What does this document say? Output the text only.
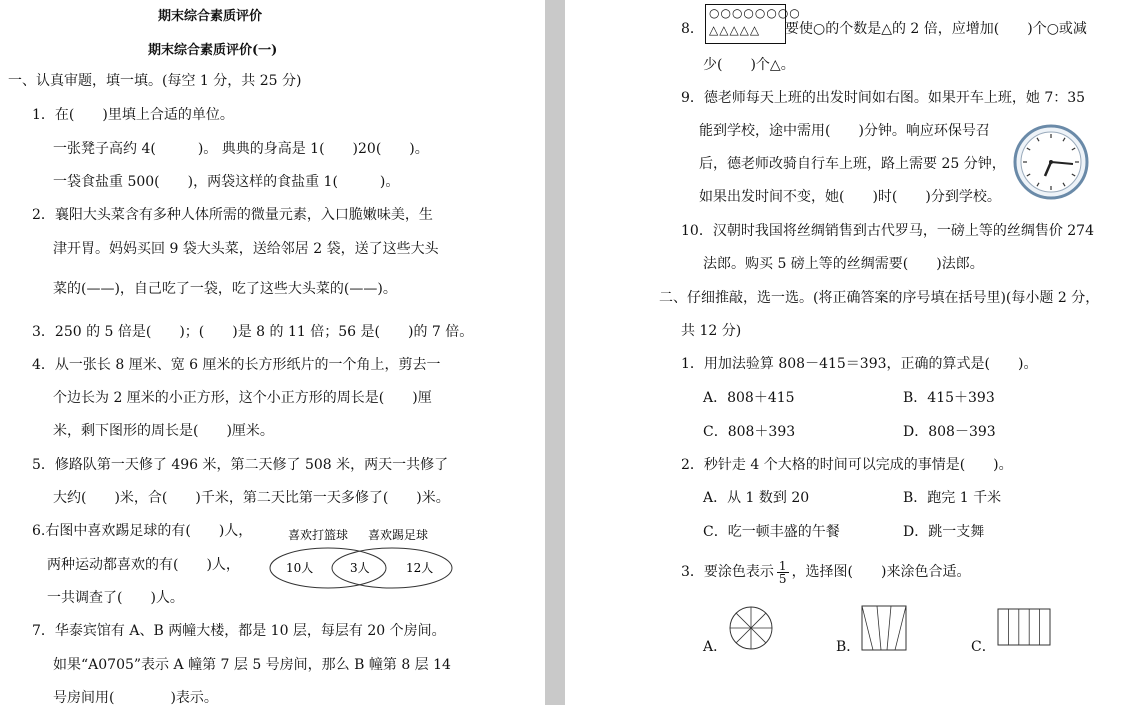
期末综合素质评价
期末综合素质评价(一)
一、认真审题，填一填。(每空 1 分，共 25 分)
1．在(　　)里填上合适的单位。
一张凳子高约 4(　　　)。 典典的身高是 1(　　)20(　　)。
一袋食盐重 500(　　)，两袋这样的食盐重 1(　　　)。
2．襄阳大头菜含有多种人体所需的微量元素，入口脆嫩味美，生
津开胃。妈妈买回 9 袋大头菜，送给邻居 2 袋，送了这些大头
菜的(——)，自己吃了一袋，吃了这些大头菜的(——)。
3．250 的 5 倍是(　　)；(　　)是 8 的 11 倍；56 是(　　)的 7 倍。
4．从一张长 8 厘米、宽 6 厘米的长方形纸片的一个角上，剪去一
个边长为 2 厘米的小正方形，这个小正方形的周长是(　　)厘
米，剩下图形的周长是(　　)厘米。
5．修路队第一天修了 496 米，第二天修了 508 米，两天一共修了
大约(　　)米，合(　　)千米，第二天比第一天多修了(　　)米。
6.右图中喜欢踢足球的有(　　)人，
两种运动都喜欢的有(　　)人，
一共调查了(　　)人。
喜欢打篮球 喜欢踢足球
10人	3人	12人
7．华泰宾馆有 A、B 两幢大楼，都是 10 层，每层有 20 个房间。
如果“A0705”表示 A 幢第 7 层 5 号房间，那么 B 幢第 8 层 14
号房间用(　　　　)表示。
8．
○○○○○○○○
△△△△△	要使○的个数是△的 2 倍，应增加(　　)个○或减
少(　　)个△。
9．德老师每天上班的出发时间如右图。如果开车上班，她 7：35
能到学校，途中需用(　　)分钟。响应环保号召
后，德老师改骑自行车上班，路上需要 25 分钟，
如果出发时间不变，她(　　)时(　　)分到学校。
10．汉朝时我国将丝绸销售到古代罗马，一磅上等的丝绸售价 274
法郎。购买 5 磅上等的丝绸需要(　　)法郎。
二、仔细推敲，选一选。(将正确答案的序号填在括号里)(每小题 2 分，
共 12 分)
1．用加法验算 808－415＝393，正确的算式是(　　)。
A．808＋415	B．415＋393
C．808＋393	D．808－393
2．秒针走 4 个大格的时间可以完成的事情是(　　)。
A．从 1 数到 20	B．跑完 1 千米
C．吃一顿丰盛的午餐	D．跳一支舞
3．要涂色表示 $\frac{1}{5}$ ，选择图(　　)来涂色合适。
A．	B．	C．
